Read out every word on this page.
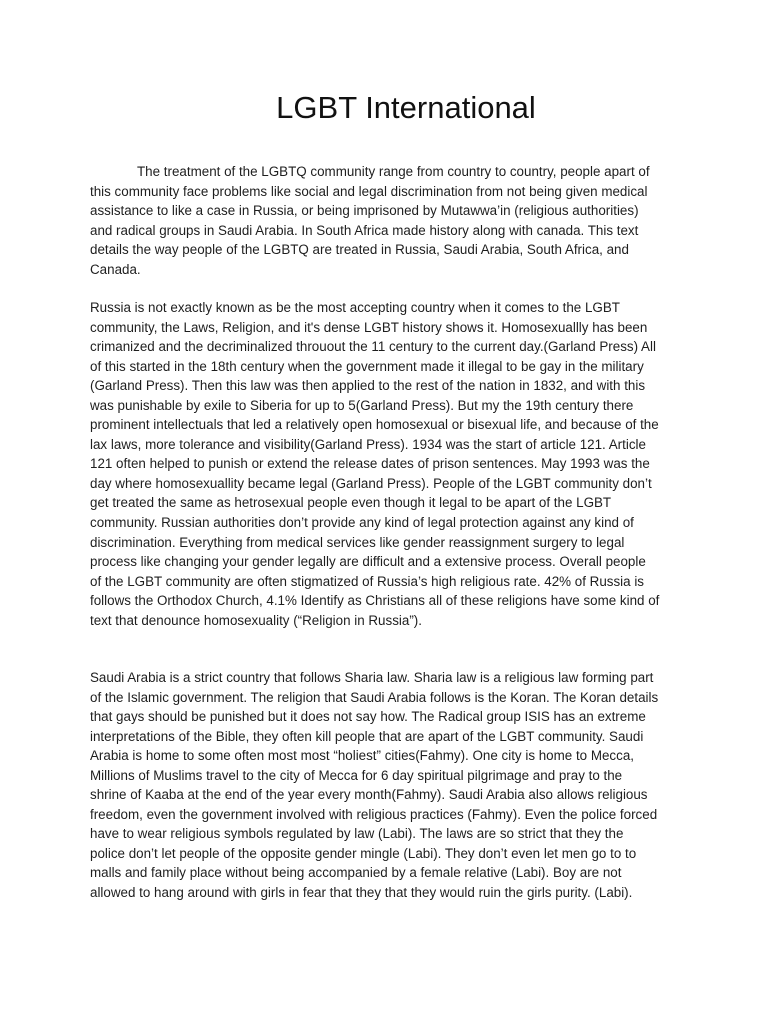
LGBT International
The treatment of the LGBTQ community range from country to country, people apart of
this community face problems like social and legal discrimination from not being given medical
assistance to like a case in Russia, or being imprisoned by Mutawwa’in (religious authorities)
and radical groups in Saudi Arabia. In South Africa made history along with canada. This text
details the way people of the LGBTQ are treated in Russia, Saudi Arabia, South Africa, and
Canada.
Russia is not exactly known as be the most accepting country when it comes to the LGBT
community, the Laws, Religion, and it's dense LGBT history shows it. Homosexuallly has been
crimanized and the decriminalized throuout the 11 century to the current day.(Garland Press) All
of this started in the 18th century when the government made it illegal to be gay in the military
(Garland Press). Then this law was then applied to the rest of the nation in 1832, and with this
was punishable by exile to Siberia for up to 5(Garland Press). But my the 19th century there
prominent intellectuals that led a relatively open homosexual or bisexual life, and because of the
lax laws, more tolerance and visibility(Garland Press). 1934 was the start of article 121. Article
121 often helped to punish or extend the release dates of prison sentences. May 1993 was the
day where homosexuallity became legal (Garland Press). People of the LGBT community don’t
get treated the same as hetrosexual people even though it legal to be apart of the LGBT
community. Russian authorities don’t provide any kind of legal protection against any kind of
discrimination. Everything from medical services like gender reassignment surgery to legal
process like changing your gender legally are difficult and a extensive process. Overall people
of the LGBT community are often stigmatized of Russia’s high religious rate. 42% of Russia is
follows the Orthodox Church, 4.1% Identify as Christians all of these religions have some kind of
text that denounce homosexuality (“Religion in Russia”).
Saudi Arabia is a strict country that follows Sharia law. Sharia law is a religious law forming part
of the Islamic government. The religion that Saudi Arabia follows is the Koran. The Koran details
that gays should be punished but it does not say how. The Radical group ISIS has an extreme
interpretations of the Bible, they often kill people that are apart of the LGBT community. Saudi
Arabia is home to some often most most “holiest” cities(Fahmy). One city is home to Mecca,
Millions of Muslims travel to the city of Mecca for 6 day spiritual pilgrimage and pray to the
shrine of Kaaba at the end of the year every month(Fahmy). Saudi Arabia also allows religious
freedom, even the government involved with religious practices (Fahmy). Even the police forced
have to wear religious symbols regulated by law (Labi). The laws are so strict that they the
police don’t let people of the opposite gender mingle (Labi). They don’t even let men go to to
malls and family place without being accompanied by a female relative (Labi). Boy are not
allowed to hang around with girls in fear that they that they would ruin the girls purity. (Labi).
